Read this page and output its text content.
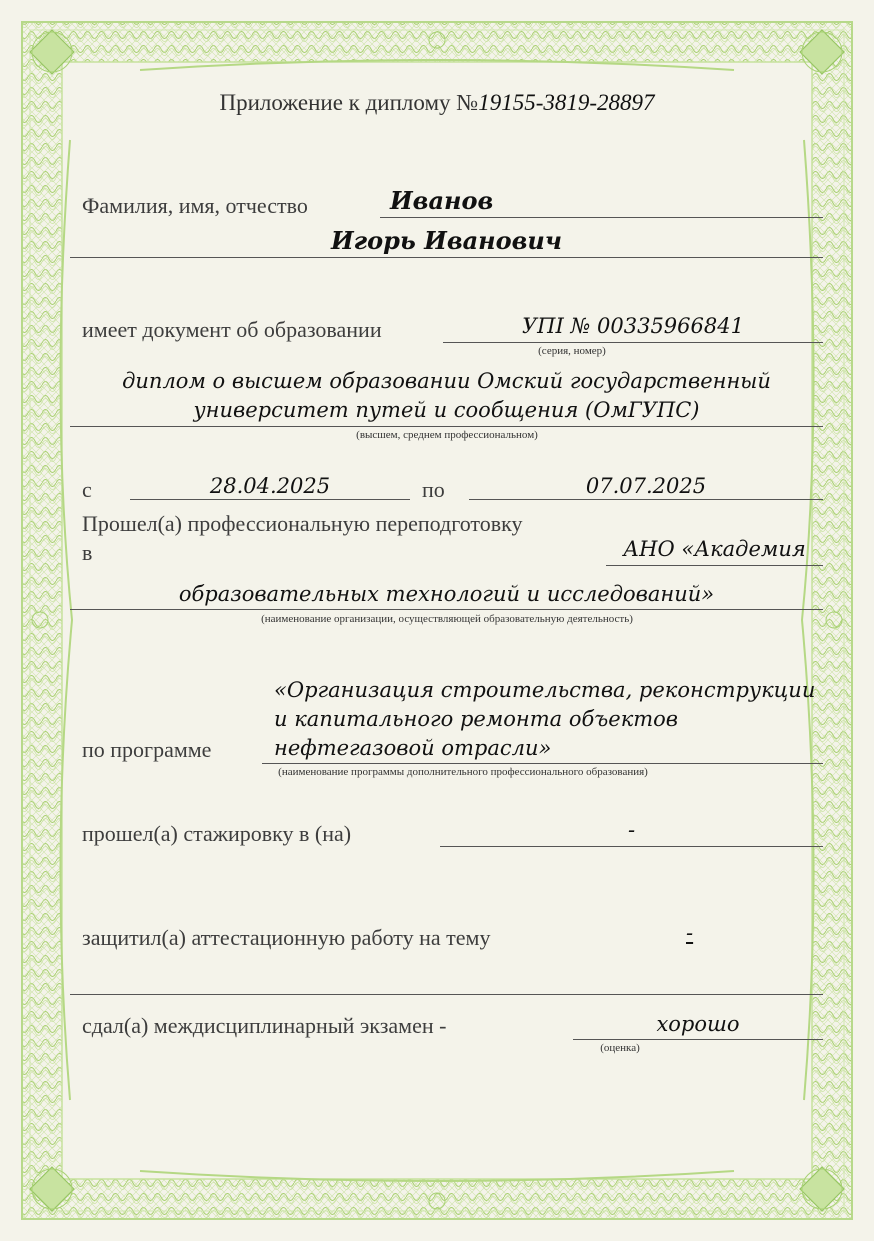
Приложение к диплому №19155-3819-28897
Фамилия, имя, отчество	Иванов
Игорь Иванович
имеет документ об образовании	УПІ № 00335966841
(серия, номер)
диплом о высшем образовании Омский государственный
университет путей и сообщения (ОмГУПС)
(высшем, среднем профессиональном)
с	28.04.2025	по	07.07.2025
Прошел(а) профессиональную переподготовку
в	АНО «Академия
образовательных технологий и исследований»
(наименование организации, осуществляющей образовательную деятельность)
«Организация строительства, реконструкции
и капитального ремонта объектов
по программе	нефтегазовой отрасли»
(наименование программы дополнительного профессионального образования)
прошел(а) стажировку в (на)	-
защитил(а) аттестационную работу на тему	-
сдал(а) междисциплинарный экзамен -	хорошо
(оценка)
